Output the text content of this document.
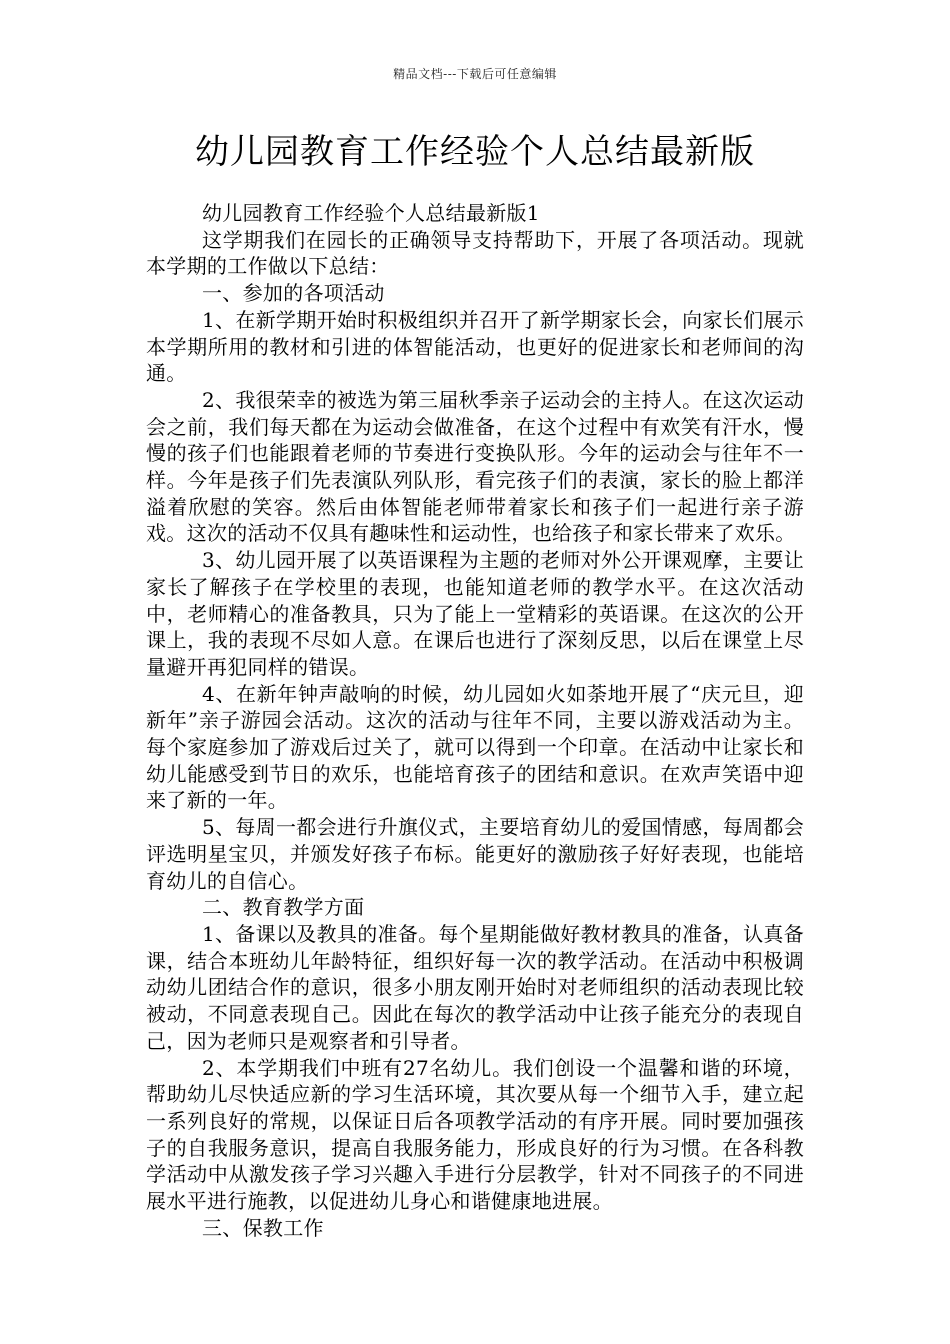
精品文档---下载后可任意编辑
幼儿园教育工作经验个人总结最新版

幼儿园教育工作经验个人总结最新版1

这学期我们在园长的正确领导支持帮助下，开展了各项活动。现就本学期的工作做以下总结：

一、参加的各项活动

1、在新学期开始时积极组织并召开了新学期家长会，向家长们展示本学期所用的教材和引进的体智能活动，也更好的促进家长和老师间的沟通。

2、我很荣幸的被选为第三届秋季亲子运动会的主持人。在这次运动会之前，我们每天都在为运动会做准备，在这个过程中有欢笑有汗水，慢慢的孩子们也能跟着老师的节奏进行变换队形。今年的运动会与往年不一样。今年是孩子们先表演队列队形，看完孩子们的表演，家长的脸上都洋溢着欣慰的笑容。然后由体智能老师带着家长和孩子们一起进行亲子游戏。这次的活动不仅具有趣味性和运动性，也给孩子和家长带来了欢乐。

3、幼儿园开展了以英语课程为主题的老师对外公开课观摩，主要让家长了解孩子在学校里的表现，也能知道老师的教学水平。在这次活动中，老师精心的准备教具，只为了能上一堂精彩的英语课。在这次的公开课上，我的表现不尽如人意。在课后也进行了深刻反思，以后在课堂上尽量避开再犯同样的错误。

4、在新年钟声敲响的时候，幼儿园如火如荼地开展了“庆元旦，迎新年”亲子游园会活动。这次的活动与往年不同，主要以游戏活动为主。每个家庭参加了游戏后过关了，就可以得到一个印章。在活动中让家长和幼儿能感受到节日的欢乐，也能培育孩子的团结和意识。在欢声笑语中迎来了新的一年。

5、每周一都会进行升旗仪式，主要培育幼儿的爱国情感，每周都会评选明星宝贝，并颁发好孩子布标。能更好的激励孩子好好表现，也能培育幼儿的自信心。

二、教育教学方面

1、备课以及教具的准备。每个星期能做好教材教具的准备，认真备课，结合本班幼儿年龄特征，组织好每一次的教学活动。在活动中积极调动幼儿团结合作的意识，很多小朋友刚开始时对老师组织的活动表现比较被动，不同意表现自己。因此在每次的教学活动中让孩子能充分的表现自己，因为老师只是观察者和引导者。

2、本学期我们中班有27名幼儿。我们创设一个温馨和谐的环境，帮助幼儿尽快适应新的学习生活环境，其次要从每一个细节入手，建立起一系列良好的常规，以保证日后各项教学活动的有序开展。同时要加强孩子的自我服务意识，提高自我服务能力，形成良好的行为习惯。在各科教学活动中从激发孩子学习兴趣入手进行分层教学，针对不同孩子的不同进展水平进行施教，以促进幼儿身心和谐健康地进展。

三、保教工作
